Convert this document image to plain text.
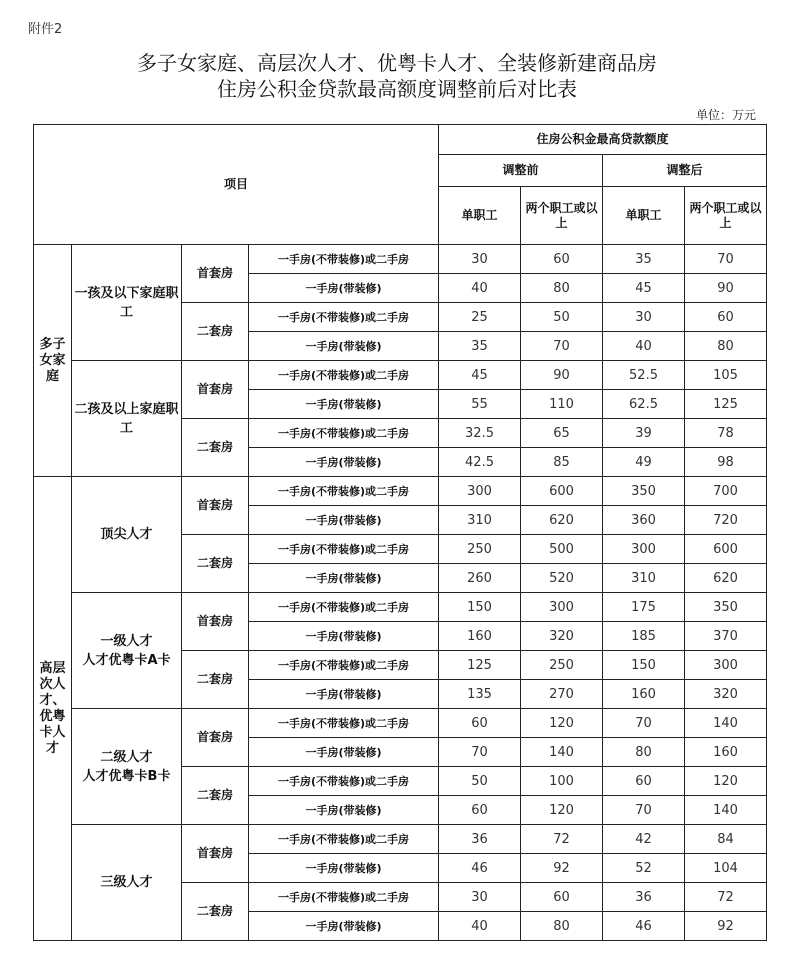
附件2
多子女家庭、高层次人才、优粤卡人才、全装修新建商品房
住房公积金贷款最高额度调整前后对比表
单位：万元
项目				住房公积金最高贷款额度			
				调整前		调整后	
				单职工	两个职工或以上	单职工	两个职工或以上
多子女家庭	一孩及以下家庭职工	首套房	一手房(不带装修)或二手房	30	60	35	70
			一手房(带装修)	40	80	45	90
		二套房	一手房(不带装修)或二手房	25	50	30	60
			一手房(带装修)	35	70	40	80
	二孩及以上家庭职工	首套房	一手房(不带装修)或二手房	45	90	52.5	105
			一手房(带装修)	55	110	62.5	125
		二套房	一手房(不带装修)或二手房	32.5	65	39	78
			一手房(带装修)	42.5	85	49	98
高层次人才、优粤卡人才	顶尖人才	首套房	一手房(不带装修)或二手房	300	600	350	700
			一手房(带装修)	310	620	360	720
		二套房	一手房(不带装修)或二手房	250	500	300	600
			一手房(带装修)	260	520	310	620
	一级人才
人才优粤卡A卡	首套房	一手房(不带装修)或二手房	150	300	175	350
			一手房(带装修)	160	320	185	370
		二套房	一手房(不带装修)或二手房	125	250	150	300
			一手房(带装修)	135	270	160	320
	二级人才
人才优粤卡B卡	首套房	一手房(不带装修)或二手房	60	120	70	140
			一手房(带装修)	70	140	80	160
		二套房	一手房(不带装修)或二手房	50	100	60	120
			一手房(带装修)	60	120	70	140
	三级人才	首套房	一手房(不带装修)或二手房	36	72	42	84
			一手房(带装修)	46	92	52	104
		二套房	一手房(不带装修)或二手房	30	60	36	72
			一手房(带装修)	40	80	46	92
